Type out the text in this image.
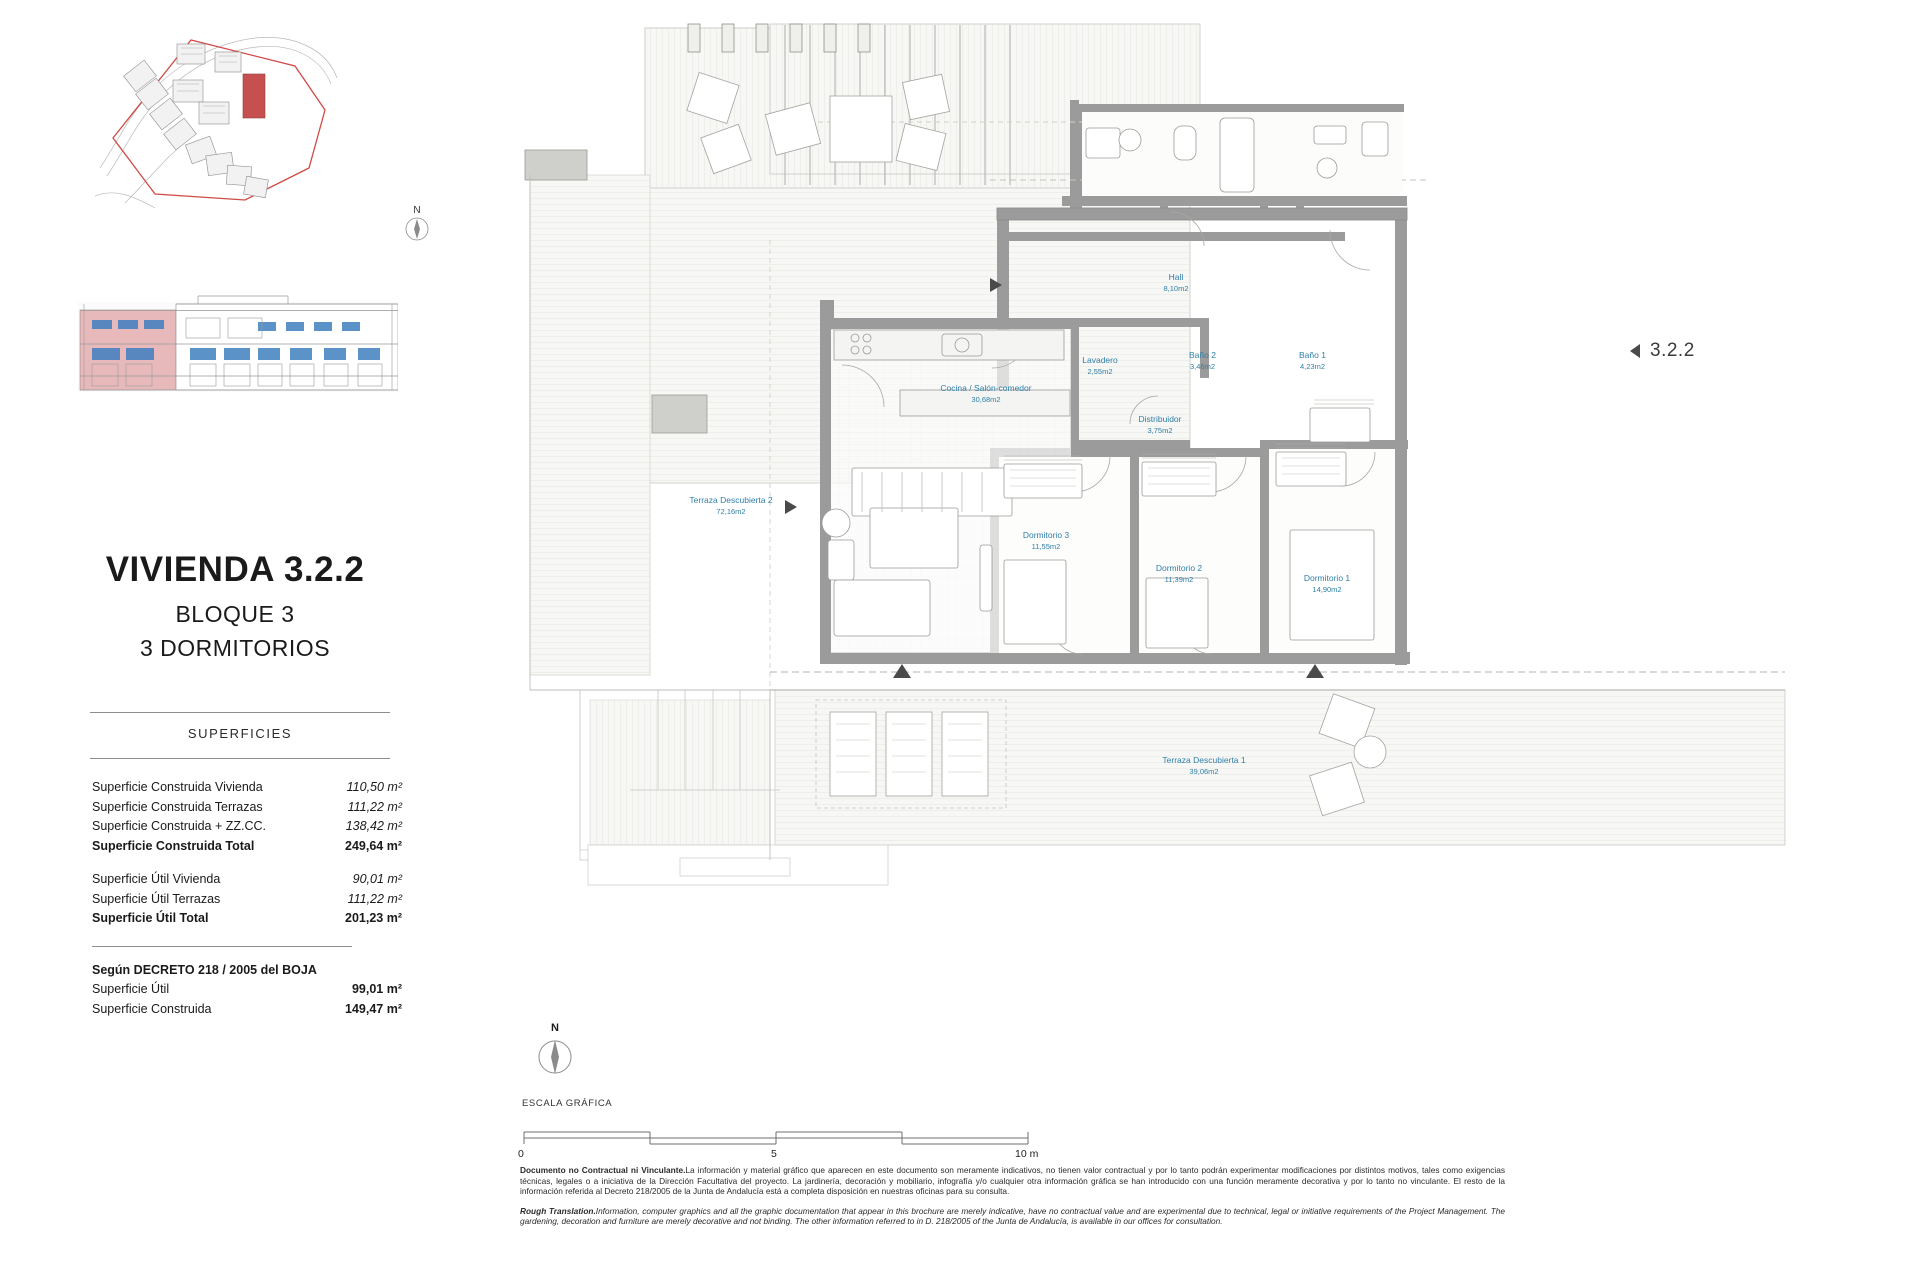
N
VIVIENDA 3.2.2
BLOQUE 3
3 DORMITORIOS
SUPERFICIES
Superficie Construida Vivienda	110,50 m²
Superficie Construida Terrazas	111,22 m²
Superficie Construida + ZZ.CC.	138,42 m²
Superficie Construida Total	249,64 m²
Superficie Útil Vivienda	90,01 m²
Superficie Útil Terrazas	111,22 m²
Superficie Útil Total	201,23 m²
Según DECRETO 218 / 2005 del BOJA
Superficie Útil	99,01 m²
Superficie Construida	149,47 m²
3.2.2
Hall
8,10m2
Lavadero
2,55m2
Baño 2
3,46m2
Baño 1
4,23m2
Distribuidor
3,75m2
Cocina / Salón-comedor
30,68m2
Dormitorio 3
11,55m2
Dormitorio 2
11,39m2	Dormitorio 1
14,90m2
Terraza Descubierta 2
72,16m2
Terraza Descubierta 1
39,06m2
N
ESCALA GRÁFICA
0	5	10 m

Documento no Contractual ni Vinculante.La información y material gráfico que aparecen en este documento son meramente indicativos, no tienen valor contractual y por lo tanto podrán experimentar modificaciones por distintos motivos, tales como exigencias técnicas, legales o a iniciativa de la Dirección Facultativa del proyecto. La jardinería, decoración y mobiliario, infografía y/o cualquier otra información gráfica se han introducido con una función meramente decorativa y por lo tanto no vinculante. El resto de la información referida al Decreto 218/2005 de la Junta de Andalucía está a completa disposición en nuestras oficinas para su consulta.

Rough Translation.Information, computer graphics and all the graphic documentation that appear in this brochure are merely indicative, have no contractual value and are experimental due to technical, legal or initiative requirements of the Project Management. The gardening, decoration and furniture are merely decorative and not binding. The other information referred to in D. 218/2005 of the Junta de Andalucía, is available in our offices for consultation.
